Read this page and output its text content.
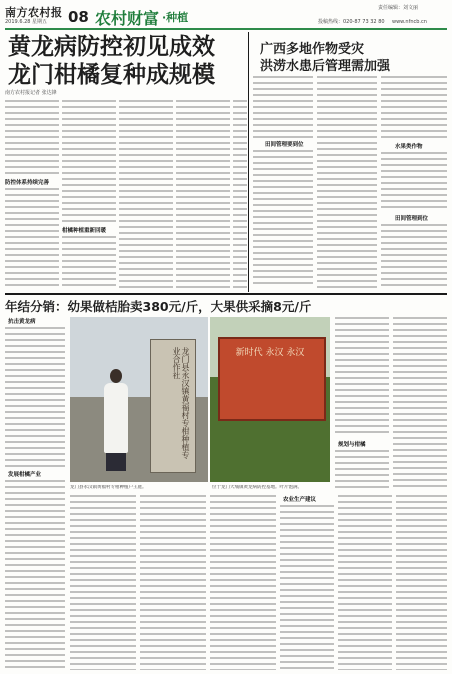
南方农村报
2019.6.28 星期五 08 农村财富 ·种植
责任编辑：刘文丽
投稿热线：020-87 73 32 80 www.nfncb.cn
黄龙病防控初见成效
龙门柑橘复种成规模
南方农村报记者 张达锋
防控体系持续完善
柑橘种植重新回暖
广西多地作物受灾
洪涝水患后管理需加强
田间管理要到位	水果类作物
田间管理到位
年结分销：幼果做桔胎卖380元/斤，大果供采摘8元/斤
抗击黄龙病
发展柑橘产业
龙门县永汉镇黄福村专柑种植专业合作社	新时代 永汉 永汉
龙门县永汉镇黄福村专柑种植户王庭。	位于龙门大埔镇黄龙病防控基地。叶片饱满。
规划与柑橘
农业生产建议
